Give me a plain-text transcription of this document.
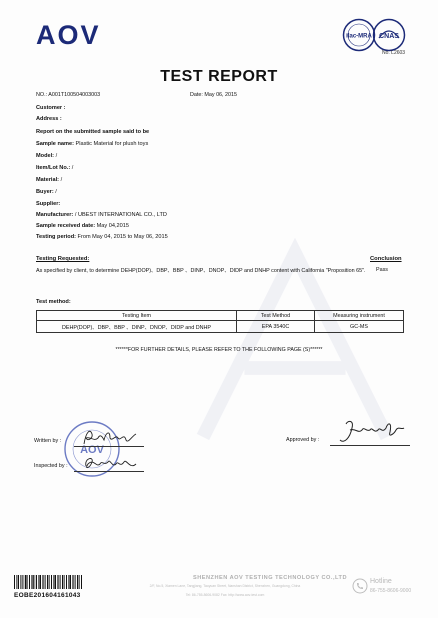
AOV	ilac-MRA CNAS
No. L2603
TEST REPORT
NO.: A001T100504003003	Date: May 06, 2015
Customer :
Address :
Report on the submitted sample said to be
Sample name: Plastic Material for plush toys
Model: /
Item/Lot No.: /
Material: /
Buyer: /
Supplier:
Manufacturer: / UBEST INTERNATIONAL CO., LTD
Sample received date: May 04,2015
Testing period: From May 04, 2015 to May 06, 2015
Testing Requested:	Conclusion
As specified by client, to determine DEHP(DOP)、DBP、BBP 、DINP、DNOP、DIDP and DNHP content with California "Proposition 65". Pass
Test method:
Testing Item	Test Method	Measuring instrument
DEHP(DOP)、DBP、BBP 、DINP、DNOP、DIDP and DNHP	EPA 3540C	GC-MS
******FOR FURTHER DETAILS, PLEASE REFER TO THE FOLLOWING PAGE (S)******
AOV
Written by :
Inspected by :
Approved by :
EOBE201604161043
SHENZHEN AOV TESTING TECHNOLOGY CO.,LTD
2/F, No.5, Xiamen Lane, Tangjiang, Taoyuan Street, Nanshan District, Shenzhen, Guangdong, China
Tel: 86-755-8606-9082 Fax: http://www.aov-test.com
Hotline
86-755-8606-9000
